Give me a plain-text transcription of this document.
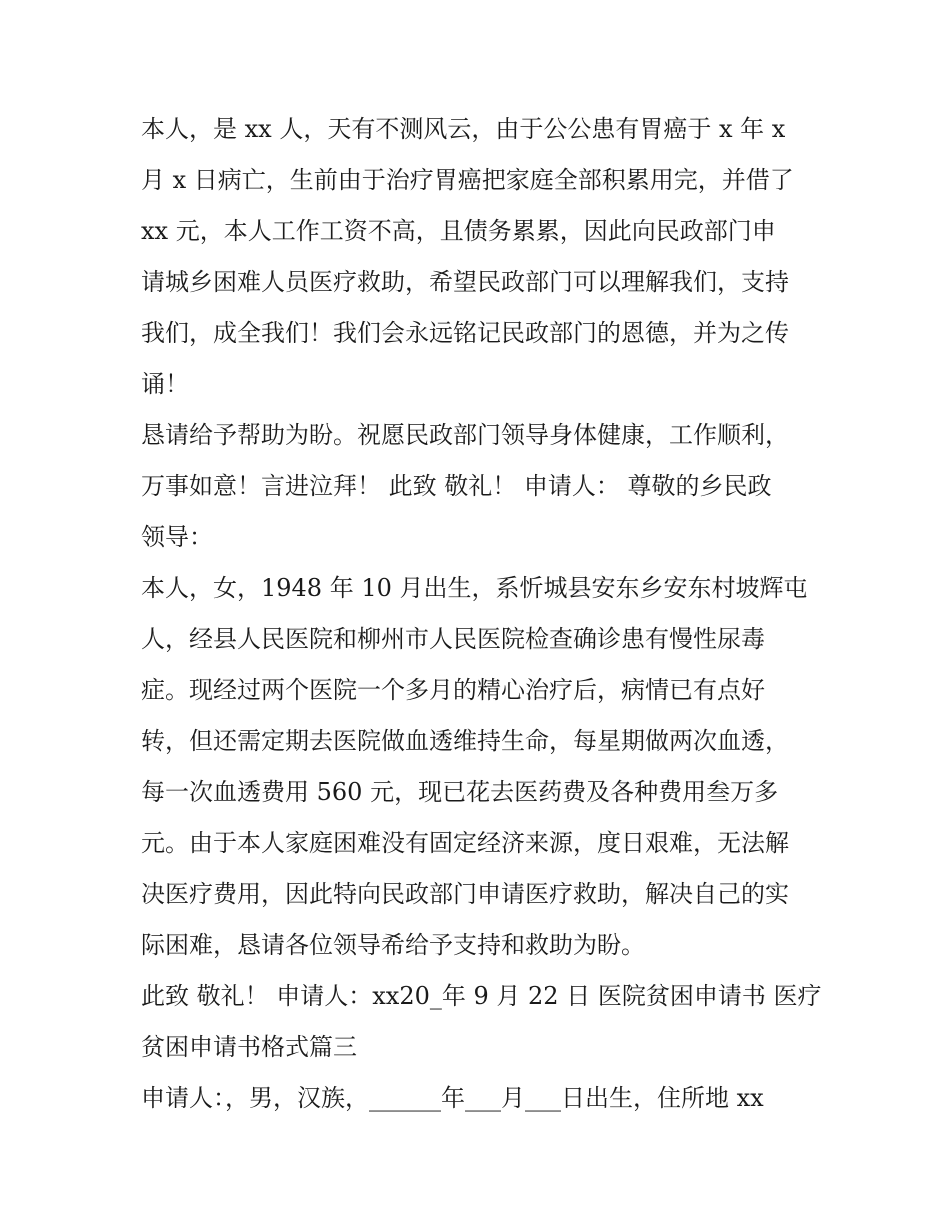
本人，是 xx 人，天有不测风云，由于公公患有胃癌于 x 年 x
月 x 日病亡，生前由于治疗胃癌把家庭全部积累用完，并借了
xx 元，本人工作工资不高，且债务累累，因此向民政部门申
请城乡困难人员医疗救助，希望民政部门可以理解我们，支持
我们，成全我们！我们会永远铭记民政部门的恩德，并为之传
诵！
恳请给予帮助为盼。祝愿民政部门领导身体健康，工作顺利，
万事如意！言进泣拜！ 此致 敬礼！ 申请人： 尊敬的乡民政
领导：
本人，女，1948 年 10 月出生，系忻城县安东乡安东村坡辉屯
人，经县人民医院和柳州市人民医院检查确诊患有慢性尿毒
症。现经过两个医院一个多月的精心治疗后，病情已有点好
转，但还需定期去医院做血透维持生命，每星期做两次血透，
每一次血透费用 560 元，现已花去医药费及各种费用叁万多
元。由于本人家庭困难没有固定经济来源，度日艰难，无法解
决医疗费用，因此特向民政部门申请医疗救助，解决自己的实
际困难，恳请各位领导希给予支持和救助为盼。
此致 敬礼！ 申请人：xx20_年 9 月 22 日 医院贫困申请书 医疗
贫困申请书格式篇三
申请人：，男，汉族，______年___月___日出生，住所地 xx
